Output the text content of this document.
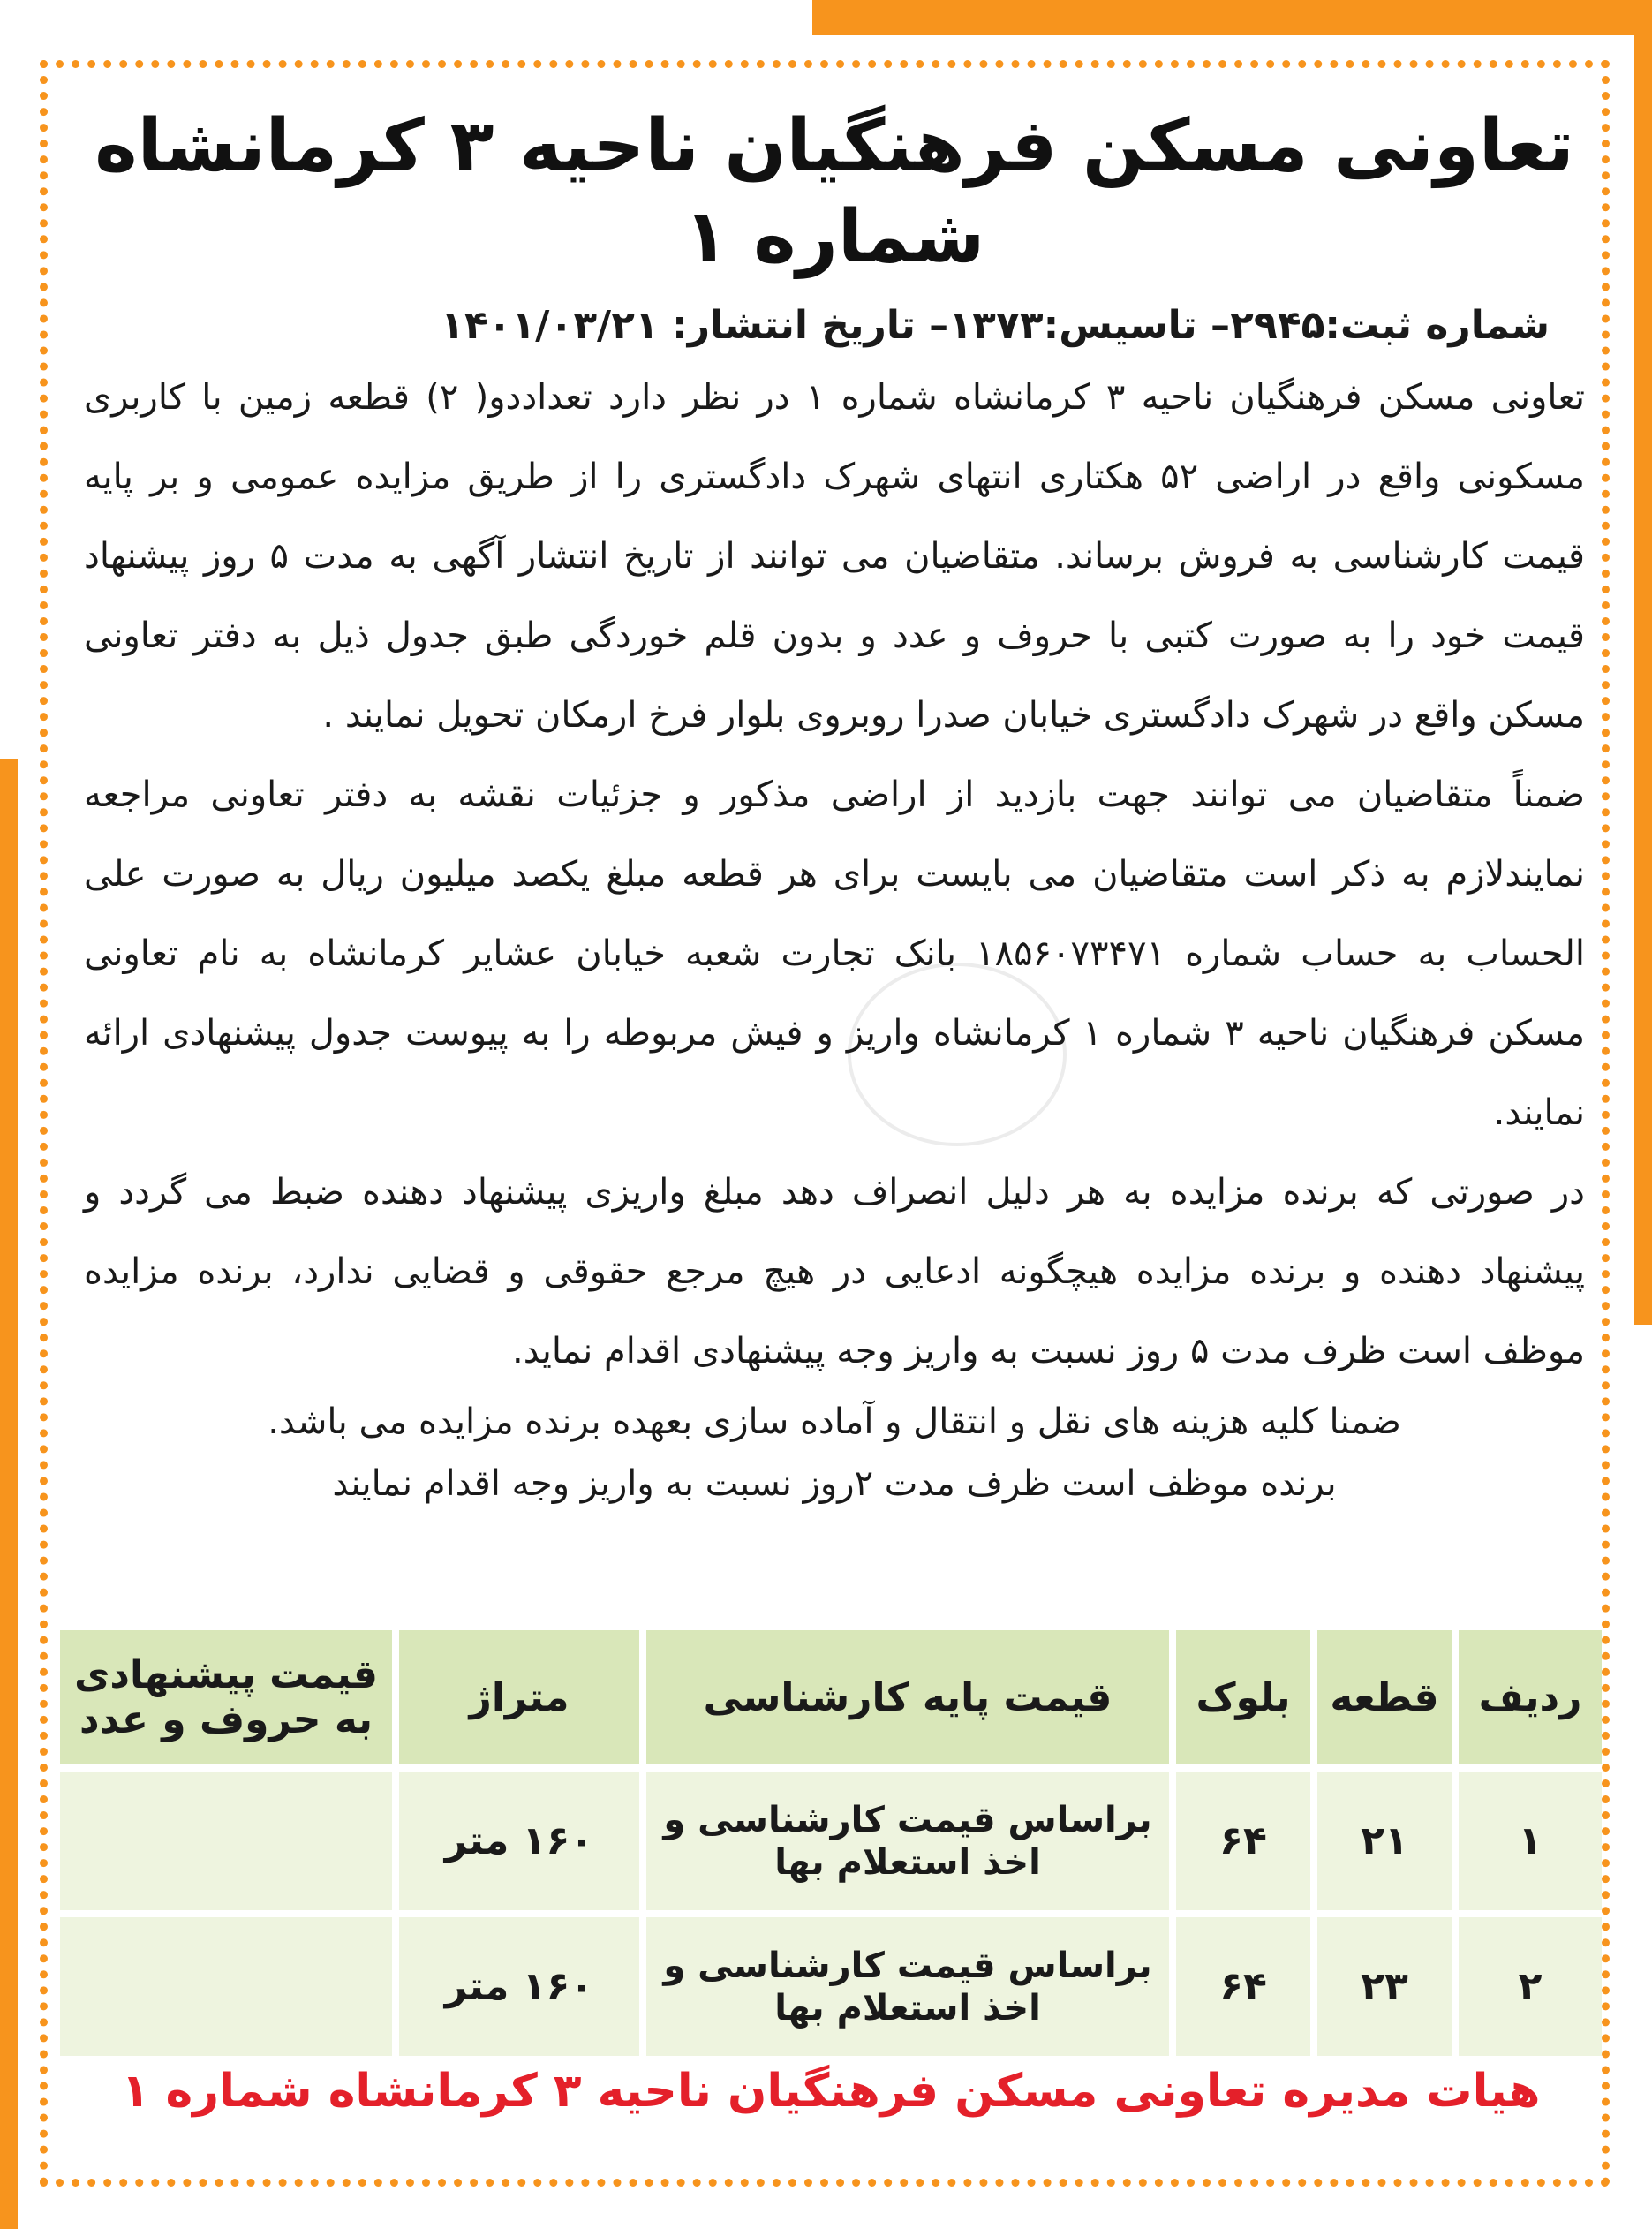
تعاونی مسکن فرهنگیان ناحیه ۳ کرمانشاه شماره ۱
شماره ثبت:۲۹۴۵– تاسیس:۱۳۷۳– تاریخ انتشار: ۱۴۰۱/۰۳/۲۱

تعاونی مسکن فرهنگیان ناحیه ۳ کرمانشاه شماره ۱ در نظر دارد تعداددو( ۲) قطعه زمین با کاربری مسکونی واقع در اراضی ۵۲ هکتاری انتهای شهرک دادگستری را از طریق مزایده عمومی و بر پایه قیمت کارشناسی به فروش برساند. متقاضیان می توانند از تاریخ انتشار آگهی به مدت ۵ روز پیشنهاد قیمت خود را به صورت کتبی با حروف و عدد و بدون قلم خوردگی طبق جدول ذیل به دفتر تعاونی مسکن واقع در شهرک دادگستری خیابان صدرا روبروی بلوار فرخ ارمکان تحویل نمایند .

ضمناً متقاضیان می توانند جهت بازدید از اراضی مذکور و جزئیات نقشه به دفتر تعاونی مراجعه نمایندلازم به ذکر است متقاضیان می بایست برای هر قطعه مبلغ یکصد میلیون ریال به صورت علی الحساب به حساب شماره ۱۸۵۶۰۷۳۴۷۱ بانک تجارت شعبه خیابان عشایر کرمانشاه به نام تعاونی مسکن فرهنگیان ناحیه ۳ شماره ۱ کرمانشاه واریز و فیش مربوطه را به پیوست جدول پیشنهادی ارائه نمایند.

در صورتی که برنده مزایده به هر دلیل انصراف دهد مبلغ واریزی پیشنهاد دهنده ضبط می گردد و پیشنهاد دهنده و برنده مزایده هیچگونه ادعایی در هیچ مرجع حقوقی و قضایی ندارد، برنده مزایده موظف است ظرف مدت ۵ روز نسبت به واریز وجه پیشنهادی اقدام نماید.

ضمنا کلیه هزینه های نقل و انتقال و آماده سازی بعهده برنده مزایده می باشد.

برنده موظف است ظرف مدت ۲روز نسبت به واریز وجه اقدام نمایند

ردیف	قطعه	بلوک	قیمت پایه کارشناسی	متراژ	قیمت پیشنهادی به حروف و عدد
۱	۲۱	۶۴	براساس قیمت کارشناسی و اخذ استعلام بها	۱۶۰ متر	
۲	۲۳	۶۴	براساس قیمت کارشناسی و اخذ استعلام بها	۱۶۰ متر	
هیات مدیره تعاونی مسکن فرهنگیان ناحیه ۳ کرمانشاه شماره ۱
